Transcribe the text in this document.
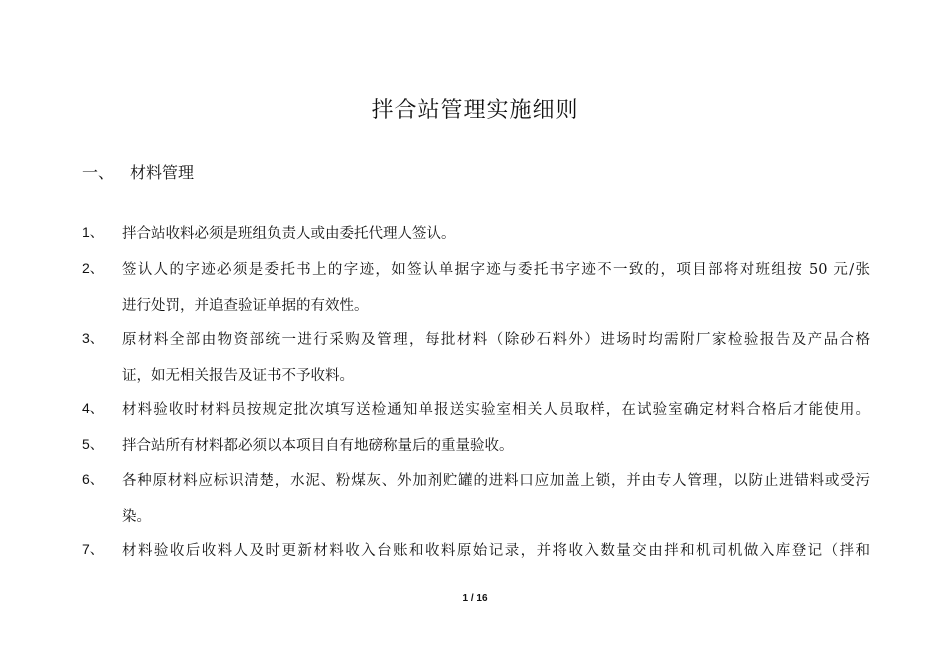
拌合站管理实施细则
一、 材料管理
1、	拌合站收料必须是班组负责人或由委托代理人签认。
2、	签认人的字迹必须是委托书上的字迹，如签认单据字迹与委托书字迹不一致的，项目部将对班组按 50 元/张
进行处罚，并追查验证单据的有效性。
3、	原材料全部由物资部统一进行采购及管理，每批材料（除砂石料外）进场时均需附厂家检验报告及产品合格
证，如无相关报告及证书不予收料。
4、	材料验收时材料员按规定批次填写送检通知单报送实验室相关人员取样，在试验室确定材料合格后才能使用。
5、	拌合站所有材料都必须以本项目自有地磅称量后的重量验收。
6、	各种原材料应标识清楚，水泥、粉煤灰、外加剂贮罐的进料口应加盖上锁，并由专人管理，以防止进错料或受污
染。
7、	材料验收后收料人及时更新材料收入台账和收料原始记录，并将收入数量交由拌和机司机做入库登记（拌和
1 / 16
